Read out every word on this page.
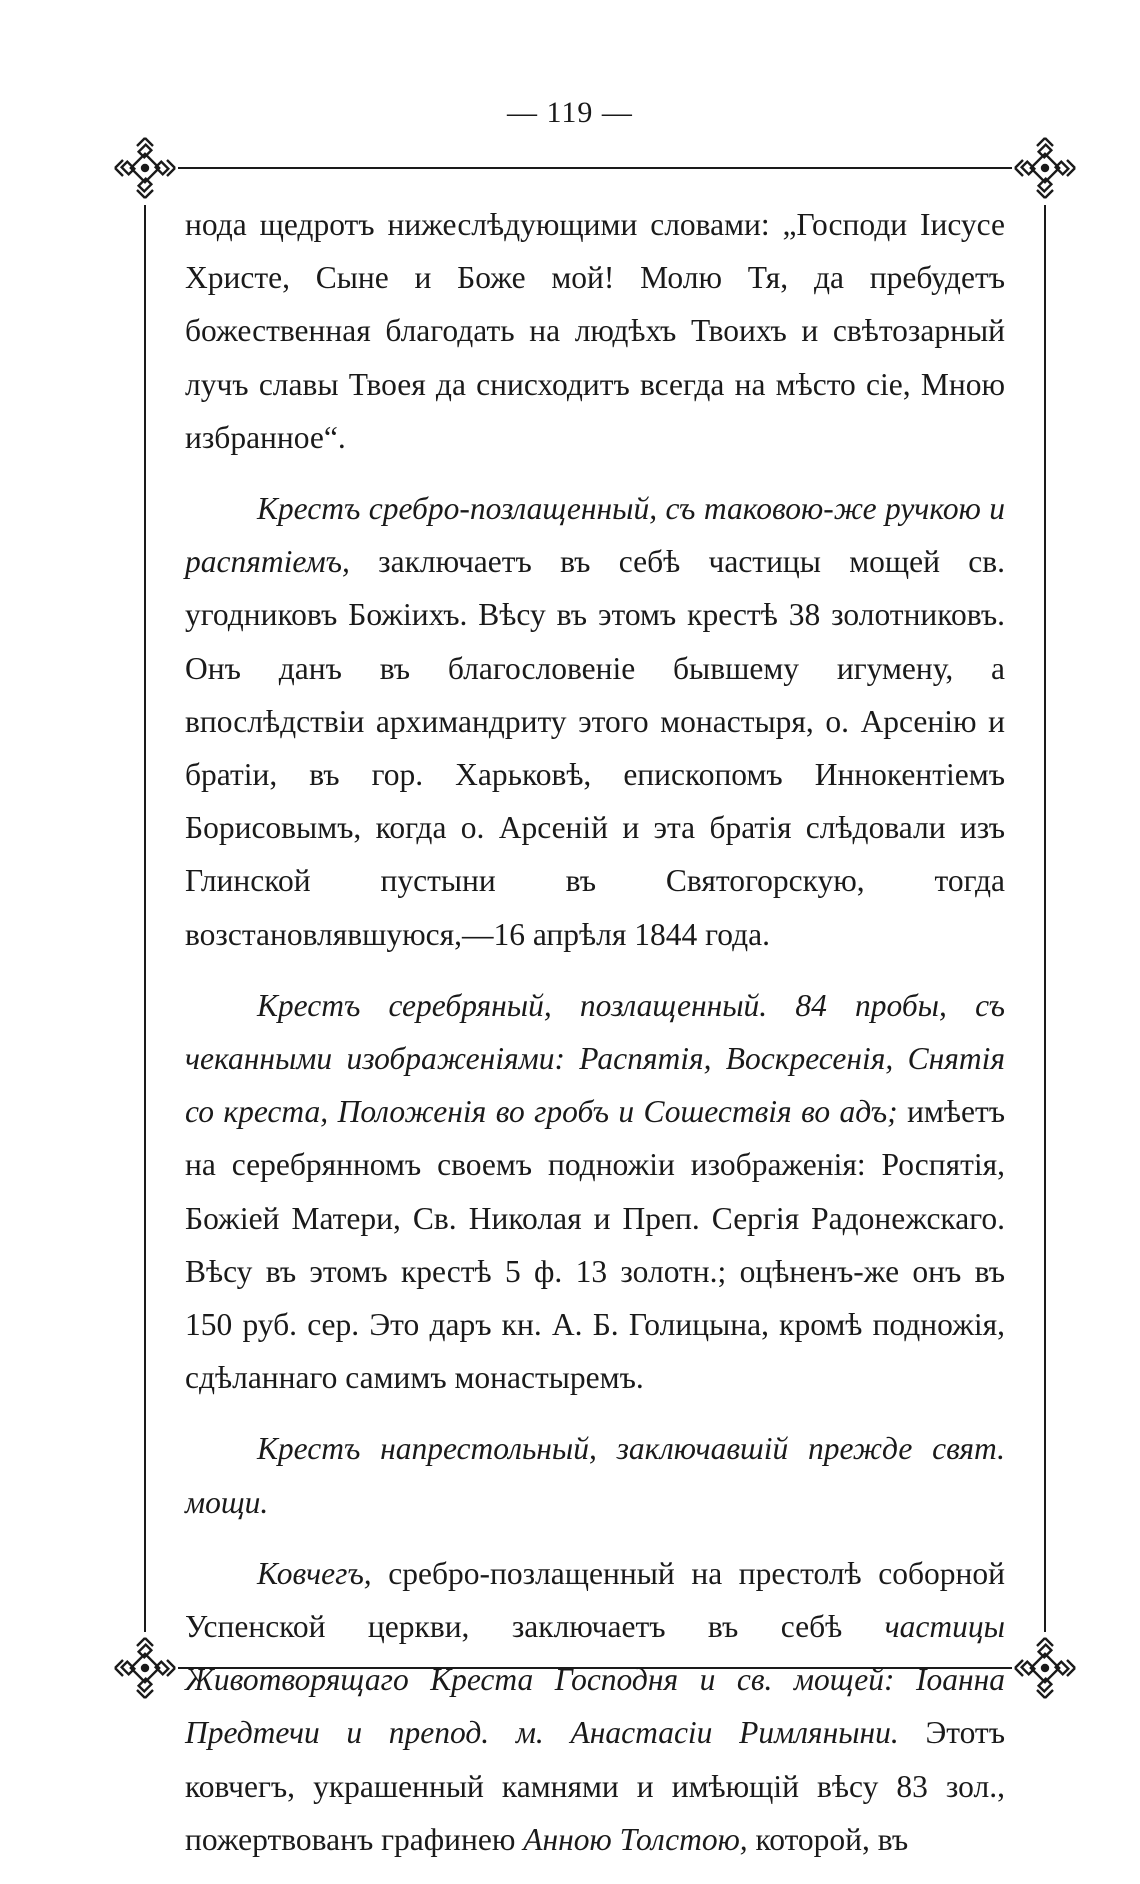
— 119 —

нода щедротъ нижеслѣдующими словами: „Господи Іисусе Христе, Сыне и Боже мой! Молю Тя, да пребудетъ божественная благодать на людѣхъ Твоихъ и свѣтозарный лучъ славы Твоея да снисходитъ всегда на мѣсто сіе, Мною избранное“.

Крестъ сребро-позлащенный, съ таковою-же ручкою и распятіемъ, заключаетъ въ себѣ частицы мощей св. угодниковъ Божіихъ. Вѣсу въ этомъ крестѣ 38 золотниковъ. Онъ данъ въ благословеніе бывшему игумену, а впослѣдствіи архимандриту этого монастыря, о. Арсенію и братіи, въ гор. Харьковѣ, епископомъ Иннокентіемъ Борисовымъ, когда о. Арсеній и эта братія слѣдовали изъ Глинской пустыни въ Святогорскую, тогда возстановлявшуюся,—16 апрѣля 1844 года.

Крестъ серебряный, позлащенный. 84 пробы, съ чеканными изображеніями: Распятія, Воскресенія, Снятія со креста, Положенія во гробъ и Сошествія во адъ; имѣетъ на серебрянномъ своемъ подножіи изображенія: Роспятія, Божіей Матери, Св. Николая и Преп. Сергія Радонежскаго. Вѣсу въ этомъ крестѣ 5 ф. 13 золотн.; оцѣненъ-же онъ въ 150 руб. сер. Это даръ кн. А. Б. Голицына, кромѣ подножія, сдѣланнаго самимъ монастыремъ.

Крестъ напрестольный, заключавшій прежде свят. мощи.

Ковчегъ, сребро-позлащенный на престолѣ соборной Успенской церкви, заключаетъ въ себѣ частицы Животворящаго Креста Господня и св. мощей: Іоанна Предтечи и препод. м. Анастасіи Римляныни. Этотъ ковчегъ, украшенный камнями и имѣющій вѣсу 83 зол., пожертвованъ графинею Анною Толстою, которой, въ
